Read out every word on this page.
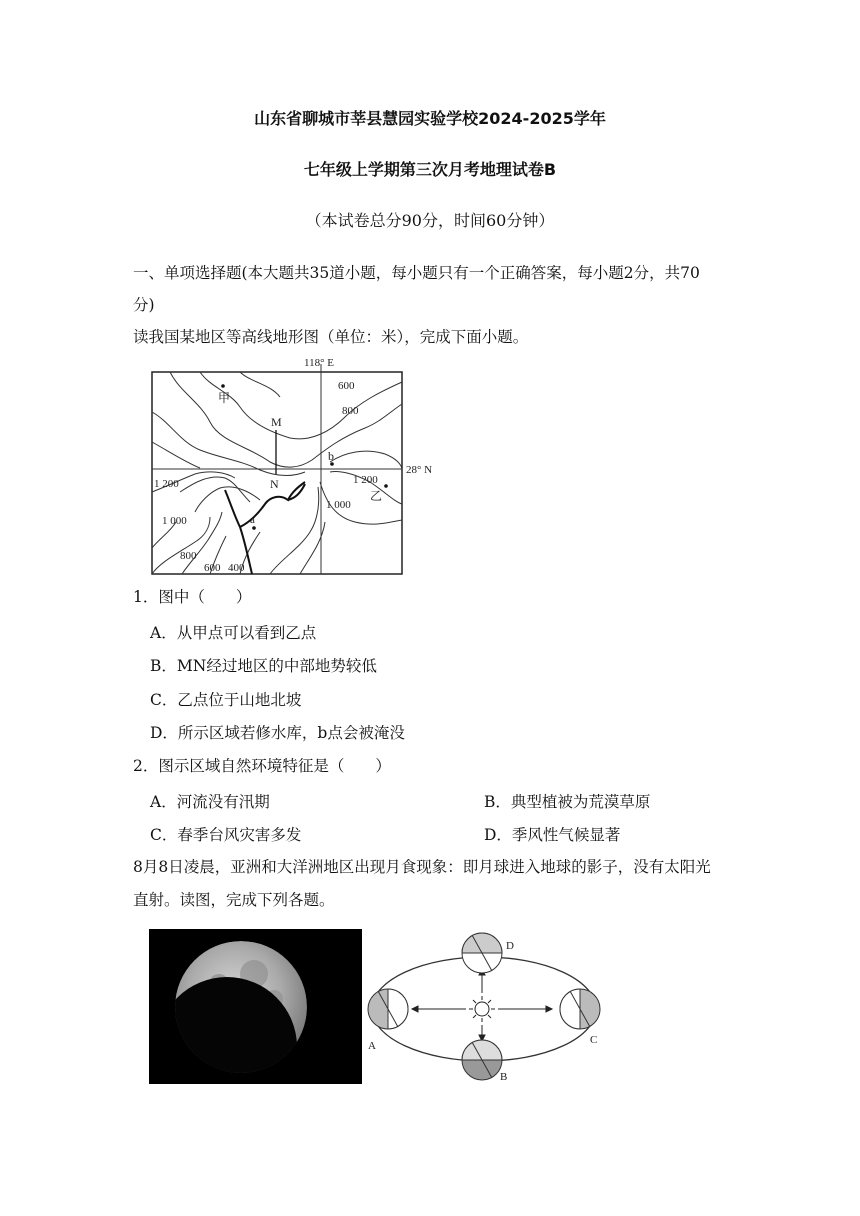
山东省聊城市莘县慧园实验学校2024-2025学年
七年级上学期第三次月考地理试卷B
（本试卷总分90分，时间60分钟）
一、单项选择题(本大题共35道小题，每小题只有一个正确答案，每小题2分，共70
分)
读我国某地区等高线地形图（单位：米），完成下面小题。
118° E
28° N
甲
乙
b
a
M
N
600
800
1 200	1 200
1 000
1 000
800
600 400
1．图中（　　）
A．从甲点可以看到乙点
B．MN经过地区的中部地势较低
C．乙点位于山地北坡
D．所示区域若修水库，b点会被淹没
2．图示区域自然环境特征是（　　）
A．河流没有汛期	B．典型植被为荒漠草原
C．春季台风灾害多发	D．季风性气候显著
8月8日凌晨，亚洲和大洋洲地区出现月食现象：即月球进入地球的影子，没有太阳光
直射。读图，完成下列各题。
A
B
C
D
